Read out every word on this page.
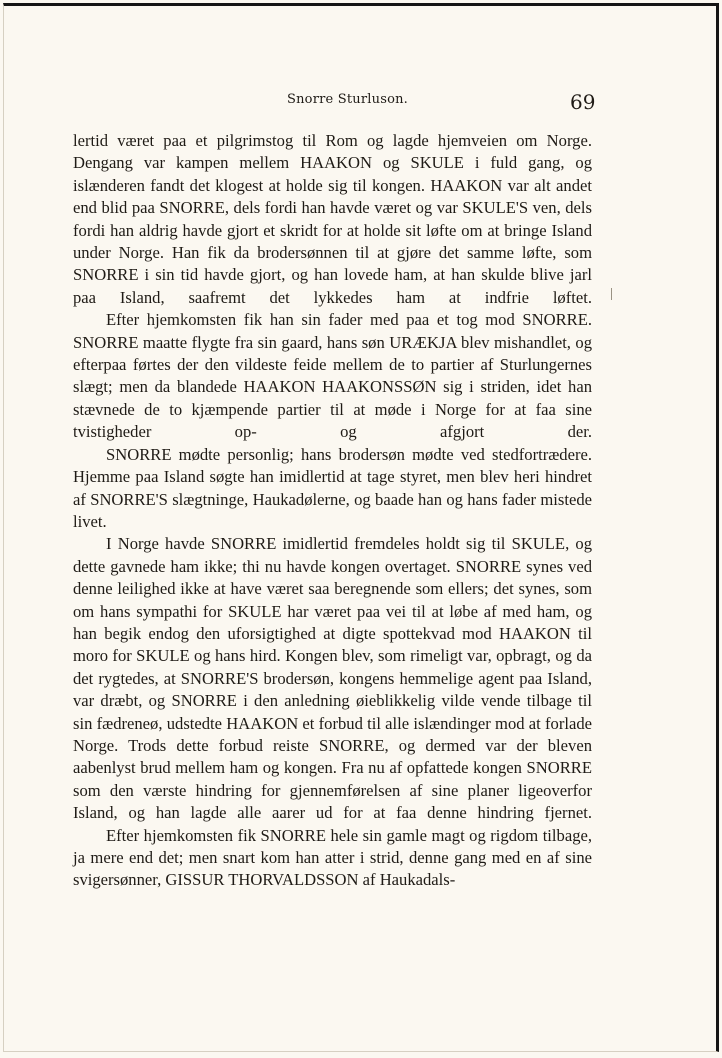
Snorre Sturluson.	69

lertid været paa et pilgrimstog til Rom og lagde hjemveien om Norge. Dengang var kampen mellem HAAKON og SKULE i fuld gang, og islænderen fandt det klogest at holde sig til kongen. HAAKON var alt andet end blid paa SNORRE, dels fordi han havde været og var SKULE'S ven, dels fordi han aldrig havde gjort et skridt for at holde sit løfte om at bringe Island under Norge. Han fik da brodersønnen til at gjøre det samme løfte, som SNORRE i sin tid havde gjort, og han lovede ham, at han skulde blive jarl paa Island, saafremt det lykkedes ham at indfrie løftet.

Efter hjemkomsten fik han sin fader med paa et tog mod SNORRE. SNORRE maatte flygte fra sin gaard, hans søn URÆKJA blev mishandlet, og efterpaa førtes der den vildeste feide mellem de to partier af Sturlungernes slægt; men da blandede HAAKON HAAKONSSØN sig i striden, idet han stævnede de to kjæmpende partier til at møde i Norge for at faa sine tvistigheder op- og afgjort der.

SNORRE mødte personlig; hans brodersøn mødte ved stedfortrædere. Hjemme paa Island søgte han imidlertid at tage styret, men blev heri hindret af SNORRE'S slægtninge, Haukadølerne, og baade han og hans fader mistede livet.

I Norge havde SNORRE imidlertid fremdeles holdt sig til SKULE, og dette gavnede ham ikke; thi nu havde kongen overtaget. SNORRE synes ved denne leilighed ikke at have været saa beregnende som ellers; det synes, som om hans sympathi for SKULE har været paa vei til at løbe af med ham, og han begik endog den uforsigtighed at digte spottekvad mod HAAKON til moro for SKULE og hans hird. Kongen blev, som rimeligt var, opbragt, og da det rygtedes, at SNORRE'S brodersøn, kongens hemmelige agent paa Island, var dræbt, og SNORRE i den anledning øieblikkelig vilde vende tilbage til sin fædreneø, udstedte HAAKON et forbud til alle islændinger mod at forlade Norge. Trods dette forbud reiste SNORRE, og dermed var der bleven aabenlyst brud mellem ham og kongen. Fra nu af opfattede kongen SNORRE som den værste hindring for gjennemførelsen af sine planer ligeoverfor Island, og han lagde alle aarer ud for at faa denne hindring fjernet.

Efter hjemkomsten fik SNORRE hele sin gamle magt og rigdom tilbage, ja mere end det; men snart kom han atter i strid, denne gang med en af sine svigersønner, GISSUR THORVALDSSON af Haukadals-
